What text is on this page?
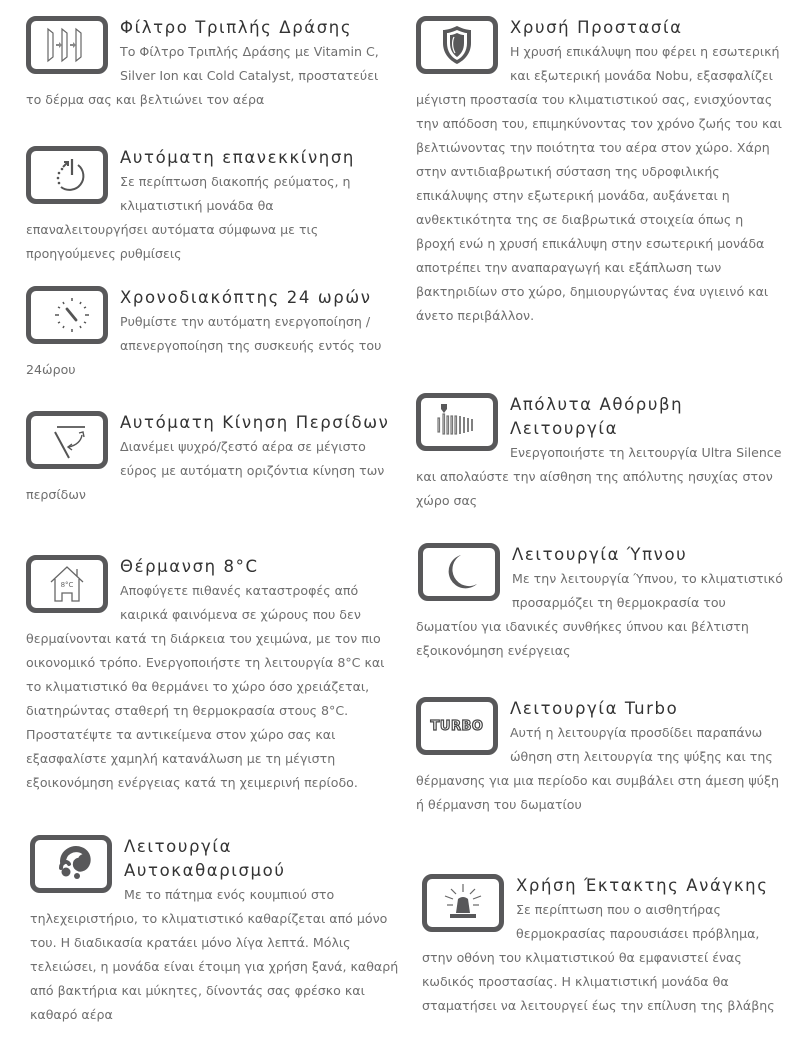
Φίλτρο Τριπλής Δράσης

Το Φίλτρο Τριπλής Δράσης με Vitamin C, Silver Ion και Cold Catalyst, προστατεύει το δέρμα σας και βελτιώνει τον αέρα

Χρυσή Προστασία

Η χρυσή επικάλυψη που φέρει η εσωτερική και εξωτερική μονάδα Nobu, εξασφαλίζει μέγιστη προστασία του κλιματιστικού σας, ενισχύοντας την απόδοση του, επιμηκύνοντας τον χρόνο ζωής του και βελτιώνοντας την ποιότητα του αέρα στον χώρο. Χάρη στην αντιδιαβρωτική σύσταση της υδροφιλικής επικάλυψης στην εξωτερική μονάδα, αυξάνεται η ανθεκτικότητα της σε διαβρωτικά στοιχεία όπως η βροχή ενώ η χρυσή επικάλυψη στην εσωτερική μονάδα αποτρέπει την αναπαραγωγή και εξάπλωση των βακτηριδίων στο χώρο, δημιουργώντας ένα υγιεινό και άνετο περιβάλλον.

Αυτόματη επανεκκίνηση

Σε περίπτωση διακοπής ρεύματος, η κλιματιστική μονάδα θα επαναλειτουργήσει αυτόματα σύμφωνα με τις προηγούμενες ρυθμίσεις

Χρονοδιακόπτης 24 ωρών

Ρυθμίστε την αυτόματη ενεργοποίηση / απενεργοποίηση της συσκευής εντός του 24ώρου

Αυτόματη Κίνηση Περσίδων

Διανέμει ψυχρό/ζεστό αέρα σε μέγιστο εύρος με αυτόματη οριζόντια κίνηση των περσίδων

Απόλυτα Αθόρυβη Λειτουργία

Ενεργοποιήστε τη λειτουργία Ultra Silence και απολαύστε την αίσθηση της απόλυτης ησυχίας στον χώρο σας

8°C
Θέρμανση 8°C

Αποφύγετε πιθανές καταστροφές από καιρικά φαινόμενα σε χώρους που δεν θερμαίνονται κατά τη διάρκεια του χειμώνα, με τον πιο οικονομικό τρόπο. Ενεργοποιήστε τη λειτουργία 8°C και το κλιματιστικό θα θερμάνει το χώρο όσο χρειάζεται, διατηρώντας σταθερή τη θερμοκρασία στους 8°C. Προστατέψτε τα αντικείμενα στον χώρο σας και εξασφαλίστε χαμηλή κατανάλωση με τη μέγιστη εξοικονόμηση ενέργειας κατά τη χειμερινή περίοδο.

Λειτουργία Ύπνου

Με την λειτουργία Ύπνου, το κλιματιστικό προσαρμόζει τη θερμοκρασία του δωματίου για ιδανικές συνθήκες ύπνου και βέλτιστη εξοικονόμηση ενέργειας

TURBO
Λειτουργία Turbo

Αυτή η λειτουργία προσδίδει παραπάνω ώθηση στη λειτουργία της ψύξης και της θέρμανσης για μια περίοδο και συμβάλει στη άμεση ψύξη ή θέρμανση του δωματίου

Λειτουργία Αυτοκαθαρισμού

Με το πάτημα ενός κουμπιού στο τηλεχειριστήριο, το κλιματιστικό καθαρίζεται από μόνο του. Η διαδικασία κρατάει μόνο λίγα λεπτά. Μόλις τελειώσει, η μονάδα είναι έτοιμη για χρήση ξανά, καθαρή από βακτήρια και μύκητες, δίνοντάς σας φρέσκο και καθαρό αέρα

Χρήση Έκτακτης Ανάγκης

Σε περίπτωση που ο αισθητήρας θερμοκρασίας παρουσιάσει πρόβλημα, στην οθόνη του κλιματιστικού θα εμφανιστεί ένας κωδικός προστασίας. Η κλιματιστική μονάδα θα σταματήσει να λειτουργεί έως την επίλυση της βλάβης
